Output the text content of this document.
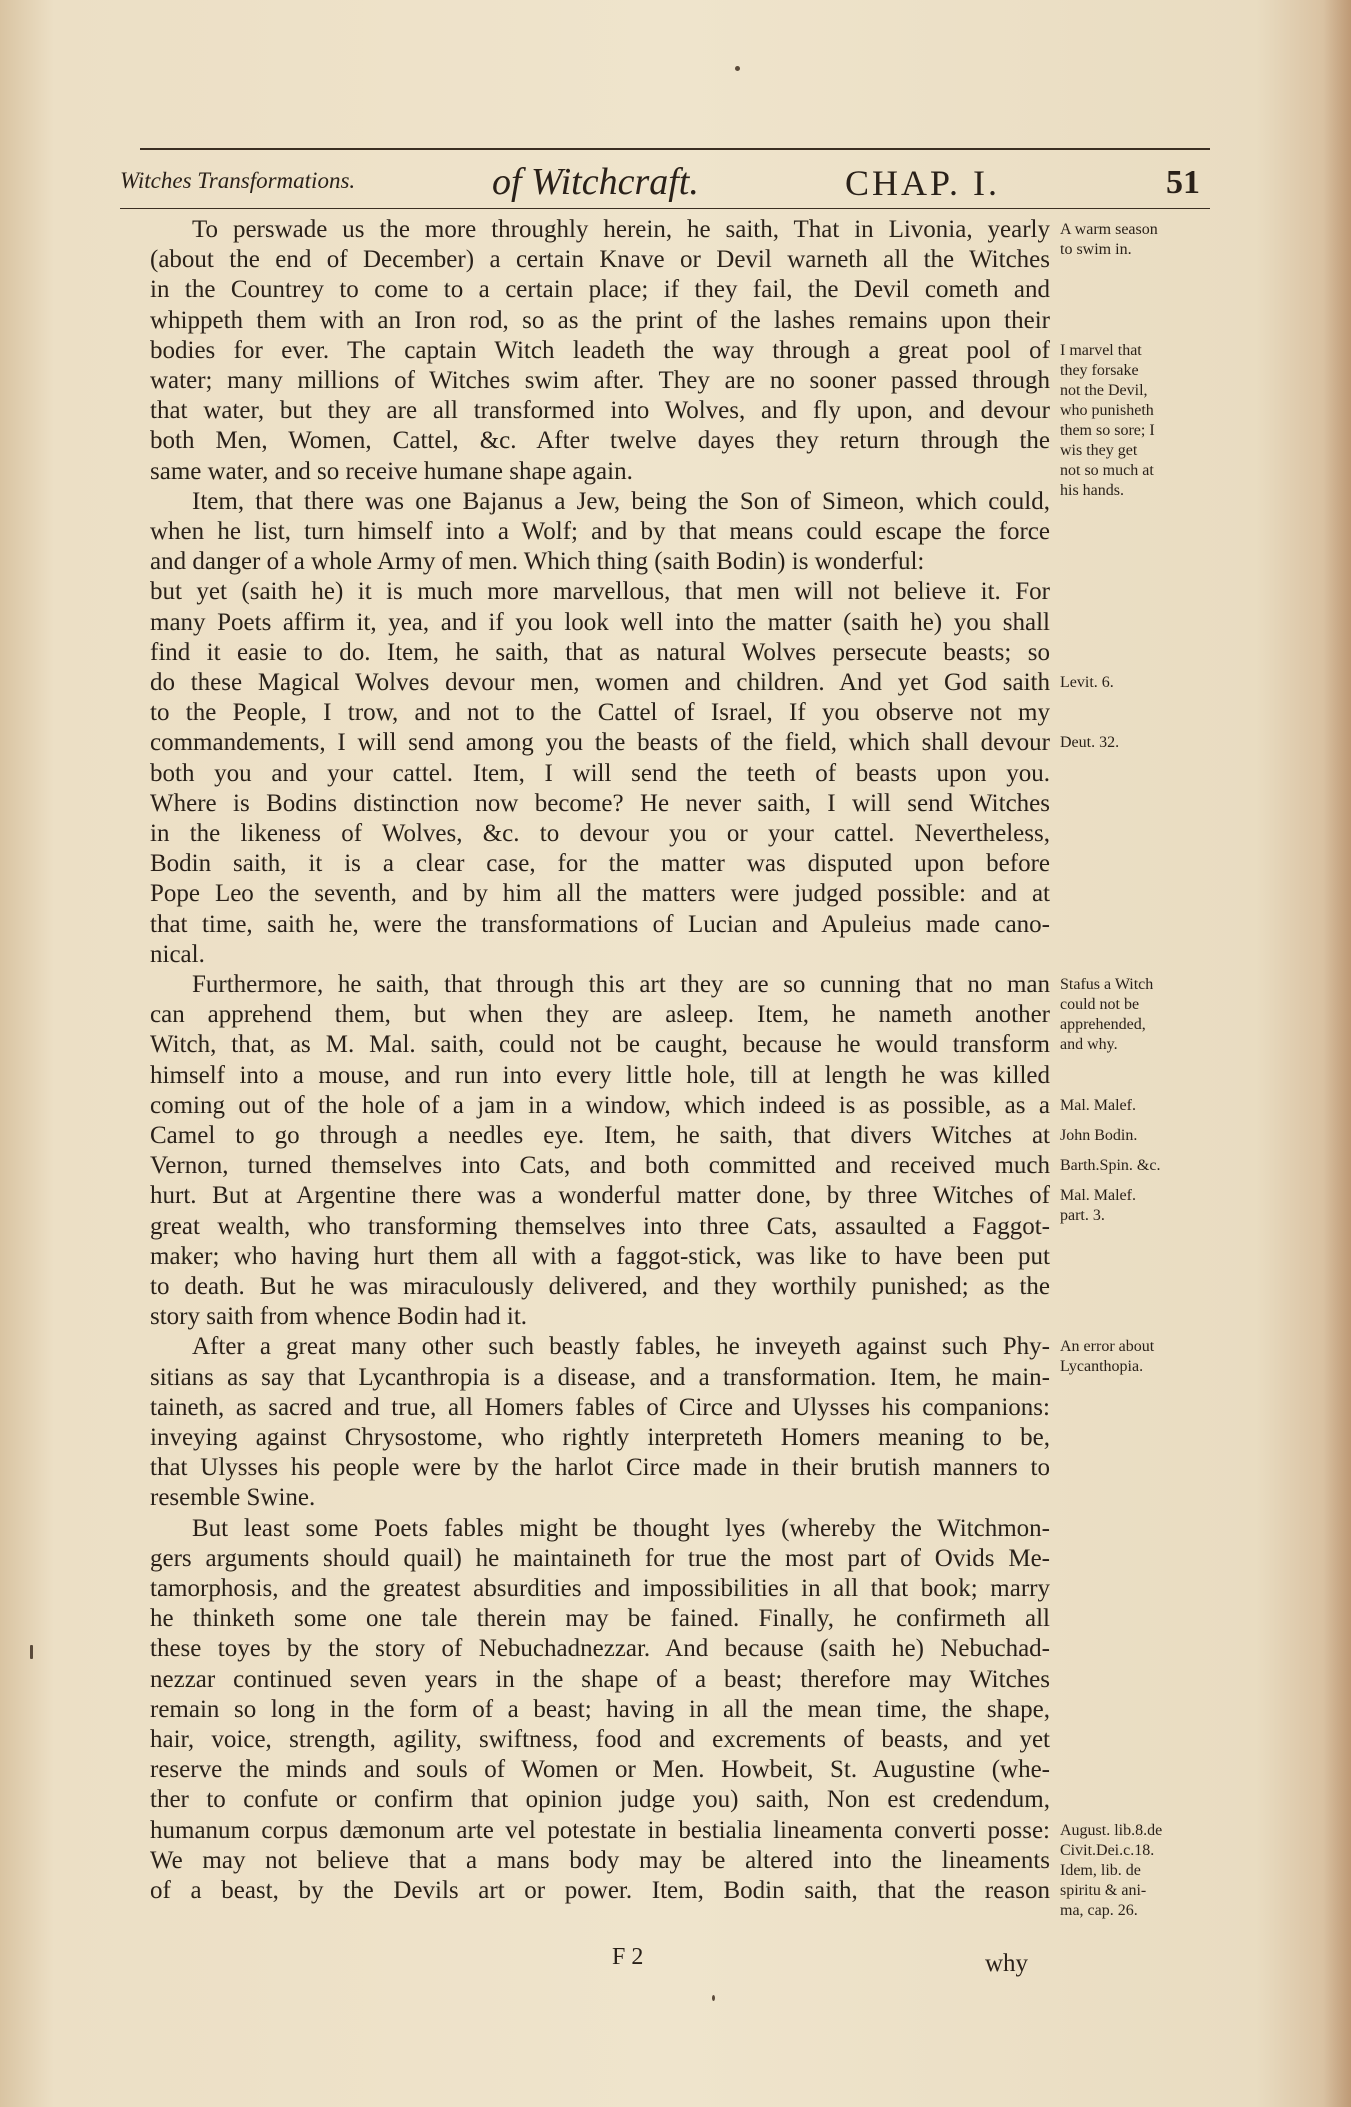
Witches Transformations.	of Witchcraft.	CHAP. I.	51
To perswade us the more throughly herein, he saith, That in Livonia, yearly
(about the end of December) a certain Knave or Devil warneth all the Witches
in the Countrey to come to a certain place; if they fail, the Devil cometh and
whippeth them with an Iron rod, so as the print of the lashes remains upon their
bodies for ever. The captain Witch leadeth the way through a great pool of
water; many millions of Witches swim after. They are no sooner passed through
that water, but they are all transformed into Wolves, and fly upon, and devour
both Men, Women, Cattel, &c. After twelve dayes they return through the
same water, and so receive humane shape again.
Item, that there was one Bajanus a Jew, being the Son of Simeon, which could,
when he list, turn himself into a Wolf; and by that means could escape the force
and danger of a whole Army of men. Which thing (saith Bodin) is wonderful:
but yet (saith he) it is much more marvellous, that men will not believe it. For
many Poets affirm it, yea, and if you look well into the matter (saith he) you shall
find it easie to do. Item, he saith, that as natural Wolves persecute beasts; so
do these Magical Wolves devour men, women and children. And yet God saith
to the People, I trow, and not to the Cattel of Israel, If you observe not my
commandements, I will send among you the beasts of the field, which shall devour
both you and your cattel. Item, I will send the teeth of beasts upon you.
Where is Bodins distinction now become? He never saith, I will send Witches
in the likeness of Wolves, &c. to devour you or your cattel. Nevertheless,
Bodin saith, it is a clear case, for the matter was disputed upon before
Pope Leo the seventh, and by him all the matters were judged possible: and at
that time, saith he, were the transformations of Lucian and Apuleius made cano-
nical.
Furthermore, he saith, that through this art they are so cunning that no man
can apprehend them, but when they are asleep. Item, he nameth another
Witch, that, as M. Mal. saith, could not be caught, because he would transform
himself into a mouse, and run into every little hole, till at length he was killed
coming out of the hole of a jam in a window, which indeed is as possible, as a
Camel to go through a needles eye. Item, he saith, that divers Witches at
Vernon, turned themselves into Cats, and both committed and received much
hurt. But at Argentine there was a wonderful matter done, by three Witches of
great wealth, who transforming themselves into three Cats, assaulted a Faggot-
maker; who having hurt them all with a faggot-stick, was like to have been put
to death. But he was miraculously delivered, and they worthily punished; as the
story saith from whence Bodin had it.
After a great many other such beastly fables, he inveyeth against such Phy-
sitians as say that Lycanthropia is a disease, and a transformation. Item, he main-
taineth, as sacred and true, all Homers fables of Circe and Ulysses his companions:
inveying against Chrysostome, who rightly interpreteth Homers meaning to be,
that Ulysses his people were by the harlot Circe made in their brutish manners to
resemble Swine.
But least some Poets fables might be thought lyes (whereby the Witchmon-
gers arguments should quail) he maintaineth for true the most part of Ovids Me-
tamorphosis, and the greatest absurdities and impossibilities in all that book; marry
he thinketh some one tale therein may be fained. Finally, he confirmeth all
these toyes by the story of Nebuchadnezzar. And because (saith he) Nebuchad-
nezzar continued seven years in the shape of a beast; therefore may Witches
remain so long in the form of a beast; having in all the mean time, the shape,
hair, voice, strength, agility, swiftness, food and excrements of beasts, and yet
reserve the minds and souls of Women or Men. Howbeit, St. Augustine (whe-
ther to confute or confirm that opinion judge you) saith, Non est credendum,
humanum corpus dæmonum arte vel potestate in bestialia lineamenta converti posse:
We may not believe that a mans body may be altered into the lineaments
of a beast, by the Devils art or power. Item, Bodin saith, that the reason
A warm season
to swim in.
I marvel that
they forsake
not the Devil,
who punisheth
them so sore; I
wis they get
not so much at
his hands.
Levit. 6.
Deut. 32.
Stafus a Witch
could not be
apprehended,
and why.
Mal. Malef.
John Bodin.
Barth.Spin. &c.
Mal. Malef.
part. 3.
An error about
Lycanthopia.
August. lib.8.de
Civit.Dei.c.18.
Idem, lib. de
spiritu & ani-
ma, cap. 26.
F 2	why
